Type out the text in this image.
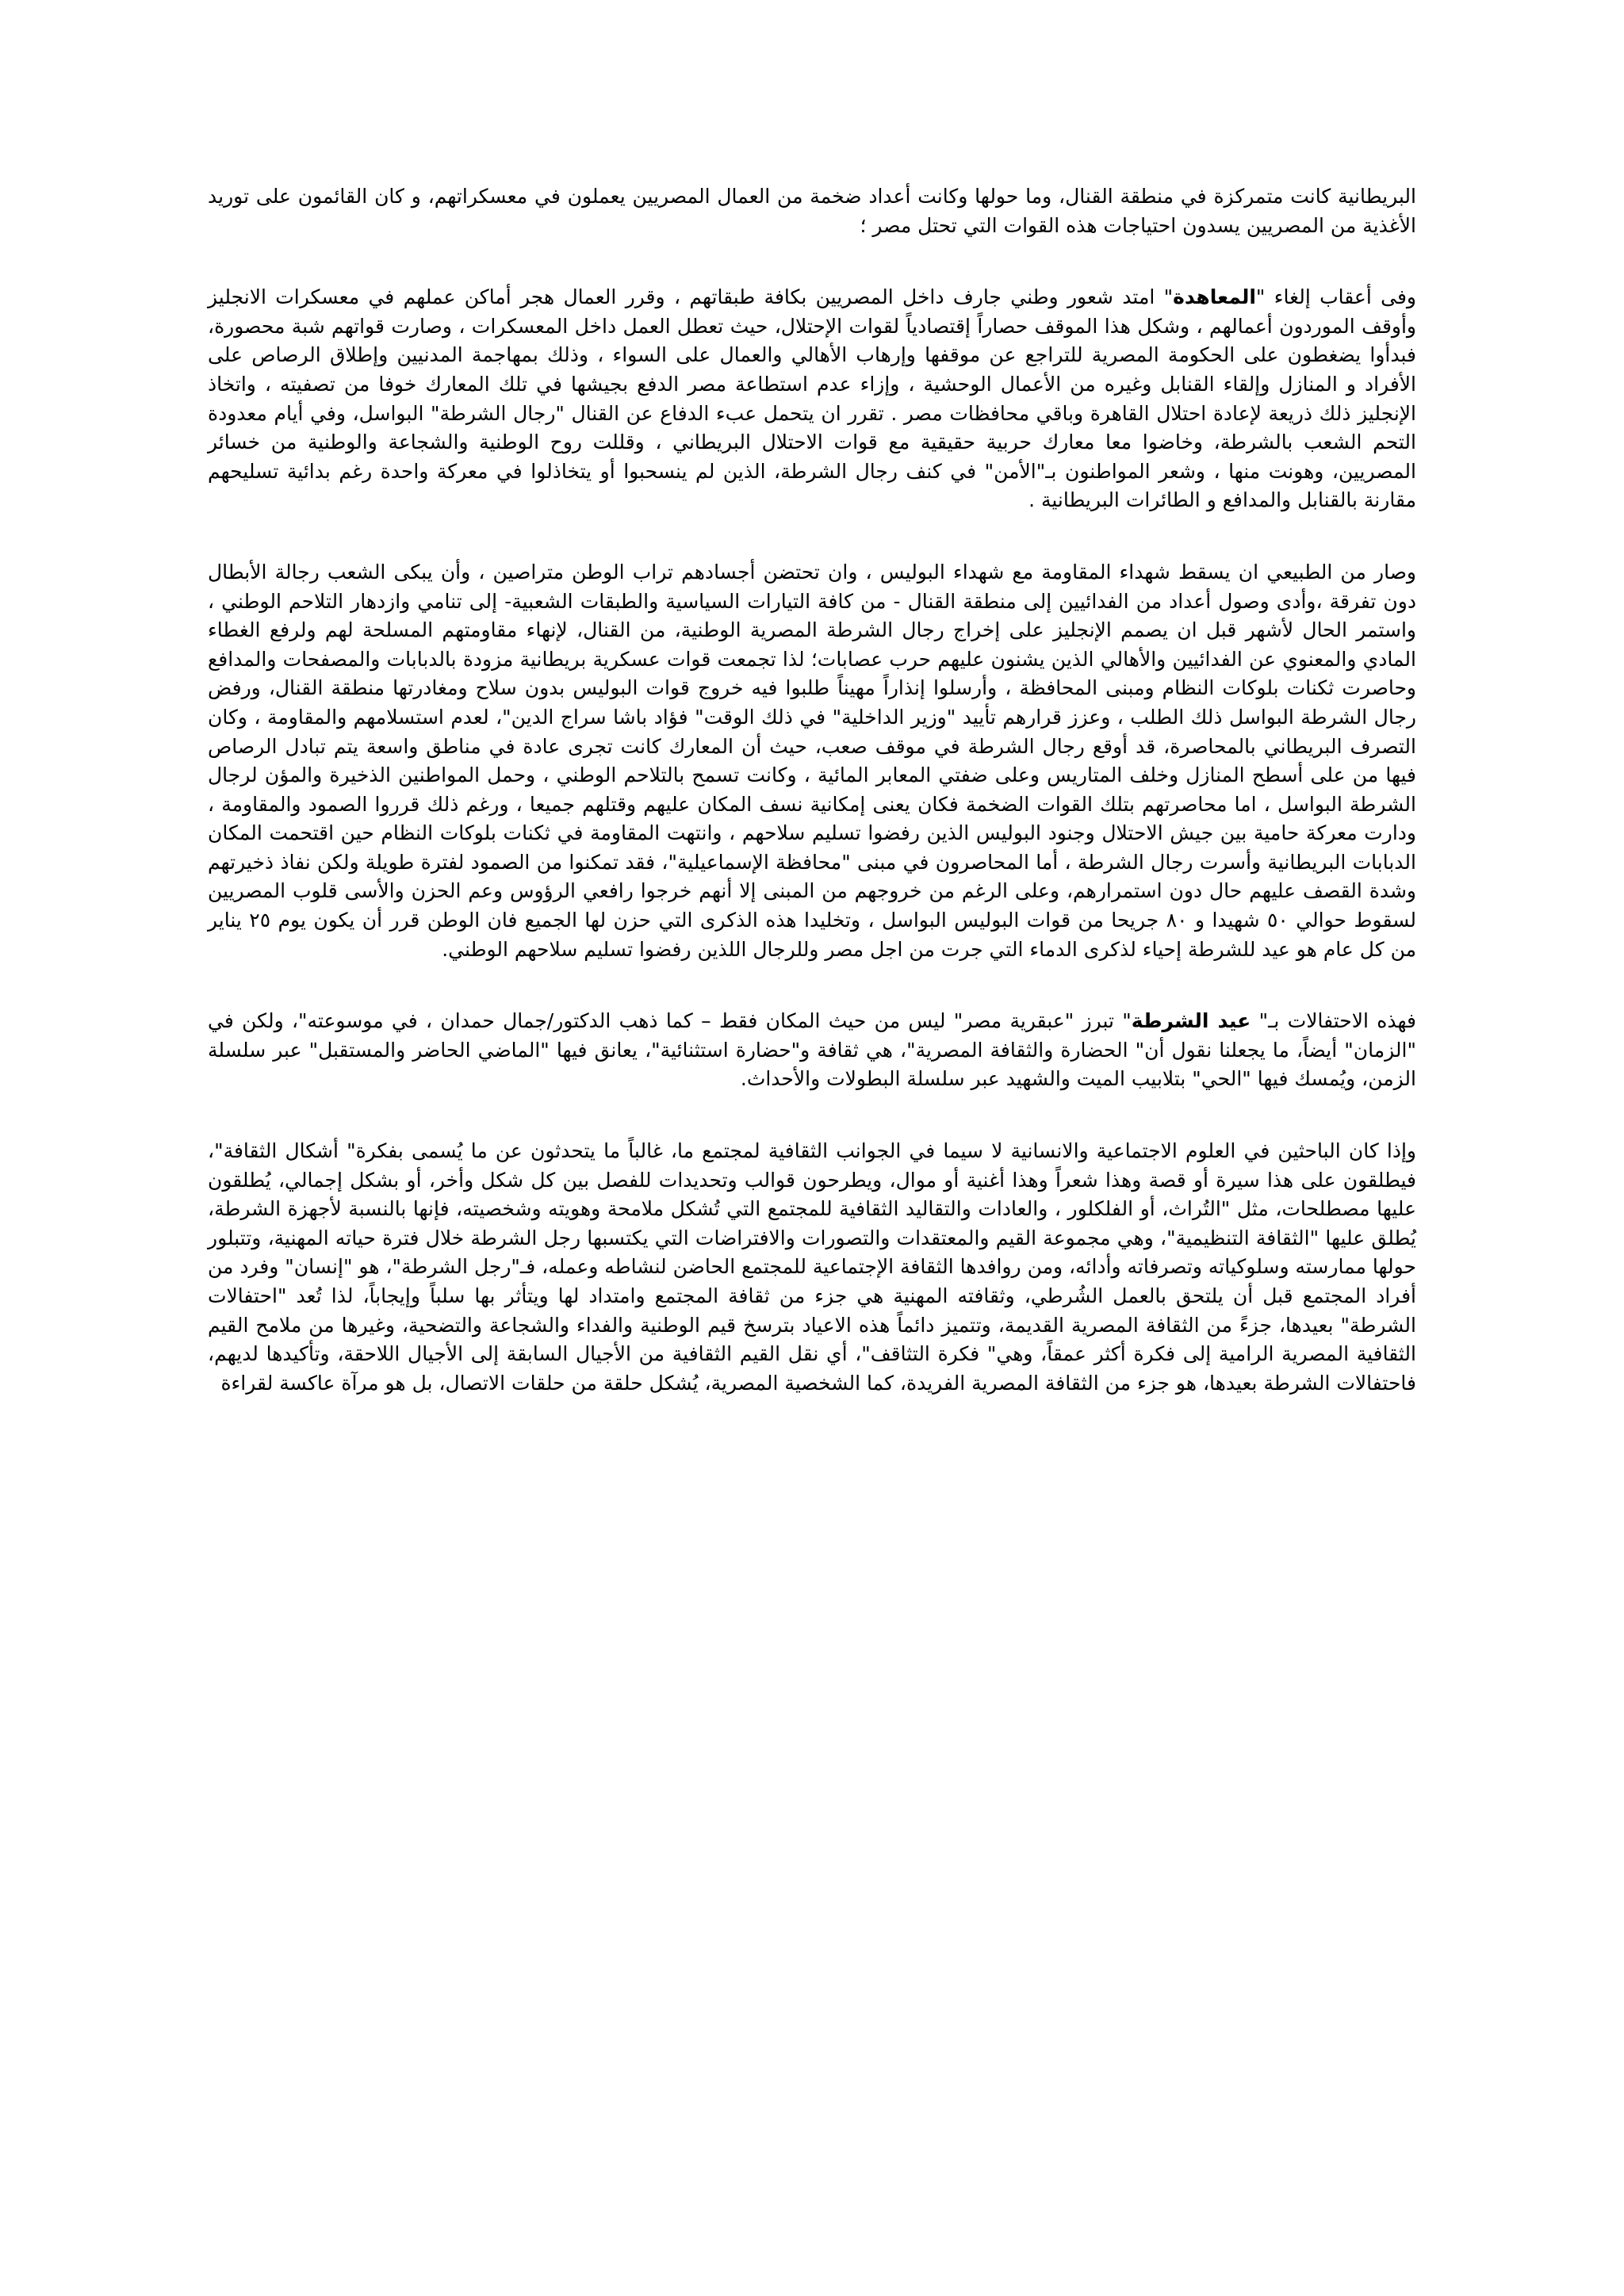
البريطانية كانت متمركزة في منطقة القنال، وما حولها وكانت أعداد ضخمة من العمال المصريين يعملون في معسكراتهم، و كان القائمون على توريد الأغذية من المصريين يسدون احتياجات هذه القوات التي تحتل مصر ؛

وفى أعقاب إلغاء "المعاهدة" امتد شعور وطني جارف داخل المصريين بكافة طبقاتهم ، وقرر العمال هجر أماكن عملهم في معسكرات الانجليز وأوقف الموردون أعمالهم ، وشكل هذا الموقف حصاراً إقتصادياً لقوات الإحتلال، حيث تعطل العمل داخل المعسكرات ، وصارت قواتهم شبة محصورة، فبدأوا يضغطون على الحكومة المصرية للتراجع عن موقفها وإرهاب الأهالي والعمال على السواء ، وذلك بمهاجمة المدنيين وإطلاق الرصاص على الأفراد و المنازل وإلقاء القنابل وغيره من الأعمال الوحشية ، وإزاء عدم استطاعة مصر الدفع بجيشها في تلك المعارك خوفا من تصفيته ، واتخاذ الإنجليز ذلك ذريعة لإعادة احتلال القاهرة وباقي محافظات مصر . تقرر ان يتحمل عبء الدفاع عن القنال "رجال الشرطة" البواسل، وفي أيام معدودة التحم الشعب بالشرطة، وخاضوا معا معارك حربية حقيقية مع قوات الاحتلال البريطاني ، وقللت روح الوطنية والشجاعة والوطنية من خسائر المصريين، وهونت منها ، وشعر المواطنون بـ"الأمن" في كنف رجال الشرطة، الذين لم ينسحبوا أو يتخاذلوا في معركة واحدة رغم بدائية تسليحهم مقارنة بالقنابل والمدافع و الطائرات البريطانية .

وصار من الطبيعي ان يسقط شهداء المقاومة مع شهداء البوليس ، وان تحتضن أجسادهم تراب الوطن متراصين ، وأن يبكى الشعب رجالة الأبطال دون تفرقة ،وأدى وصول أعداد من الفدائيين إلى منطقة القنال - من كافة التيارات السياسية والطبقات الشعبية- إلى تنامي وازدهار التلاحم الوطني ، واستمر الحال لأشهر قبل ان يصمم الإنجليز على إخراج رجال الشرطة المصرية الوطنية، من القنال، لإنهاء مقاومتهم المسلحة لهم ولرفع الغطاء المادي والمعنوي عن الفدائيين والأهالي الذين يشنون عليهم حرب عصابات؛ لذا تجمعت قوات عسكرية بريطانية مزودة بالدبابات والمصفحات والمدافع وحاصرت ثكنات بلوكات النظام ومبنى المحافظة ، وأرسلوا إنذاراً مهيناً طلبوا فيه خروج قوات البوليس بدون سلاح ومغادرتها منطقة القنال، ورفض رجال الشرطة البواسل ذلك الطلب ، وعزز قرارهم تأييد "وزير الداخلية" في ذلك الوقت" فؤاد باشا سراج الدين"، لعدم استسلامهم والمقاومة ، وكان التصرف البريطاني بالمحاصرة، قد أوقع رجال الشرطة في موقف صعب، حيث أن المعارك كانت تجرى عادة في مناطق واسعة يتم تبادل الرصاص فيها من على أسطح المنازل وخلف المتاريس وعلى ضفتي المعابر المائية ، وكانت تسمح بالتلاحم الوطني ، وحمل المواطنين الذخيرة والمؤن لرجال الشرطة البواسل ، اما محاصرتهم بتلك القوات الضخمة فكان يعنى إمكانية نسف المكان عليهم وقتلهم جميعا ، ورغم ذلك قرروا الصمود والمقاومة ، ودارت معركة حامية بين جيش الاحتلال وجنود البوليس الذين رفضوا تسليم سلاحهم ، وانتهت المقاومة في ثكنات بلوكات النظام حين اقتحمت المكان الدبابات البريطانية وأسرت رجال الشرطة ، أما المحاصرون في مبنى "محافظة الإسماعيلية"، فقد تمكنوا من الصمود لفترة طويلة ولكن نفاذ ذخيرتهم وشدة القصف عليهم حال دون استمرارهم، وعلى الرغم من خروجهم من المبنى إلا أنهم خرجوا رافعي الرؤوس وعم الحزن والأسى قلوب المصريين لسقوط حوالي ٥٠ شهيدا و ٨٠ جريحا من قوات البوليس البواسل ، وتخليدا هذه الذكرى التي حزن لها الجميع فان الوطن قرر أن يكون يوم ٢٥ يناير من كل عام هو عيد للشرطة إحياء لذكرى الدماء التي جرت من اجل مصر وللرجال اللذين رفضوا تسليم سلاحهم الوطني.

فهذه الاحتفالات بـ" عيد الشرطة" تبرز "عبقرية مصر" ليس من حيث المكان فقط – كما ذهب الدكتور/جمال حمدان ، في موسوعته"، ولكن في "الزمان" أيضاً، ما يجعلنا نقول أن" الحضارة والثقافة المصرية"، هي ثقافة و"حضارة استثنائية"، يعانق فيها "الماضي الحاضر والمستقبل" عبر سلسلة الزمن، ويُمسك فيها "الحي" بتلابيب الميت والشهيد عبر سلسلة البطولات والأحداث.

وإذا كان الباحثين في العلوم الاجتماعية والانسانية لا سيما في الجوانب الثقافية لمجتمع ما، غالباً ما يتحدثون عن ما يُسمى بفكرة" أشكال الثقافة"، فيطلقون على هذا سيرة أو قصة وهذا شعراً وهذا أغنية أو موال، ويطرحون قوالب وتحديدات للفصل بين كل شكل وأخر، أو بشكل إجمالي، يُطلقون عليها مصطلحات، مثل "التُراث، أو الفلكلور ، والعادات والتقاليد الثقافية للمجتمع التي تُشكل ملامحة وهويته وشخصيته، فإنها بالنسبة لأجهزة الشرطة، يُطلق عليها "الثقافة التنظيمية"، وهي مجموعة القيم والمعتقدات والتصورات والافتراضات التي يكتسبها رجل الشرطة خلال فترة حياته المهنية، وتتبلور حولها ممارسته وسلوكياته وتصرفاته وأدائه، ومن روافدها الثقافة الإجتماعية للمجتمع الحاضن لنشاطه وعمله، فـ"رجل الشرطة"، هو "إنسان" وفرد من أفراد المجتمع قبل أن يلتحق بالعمل الشُرطي، وثقافته المهنية هي جزء من ثقافة المجتمع وامتداد لها ويتأثر بها سلباً وإيجاباً، لذا تُعد "احتفالات الشرطة" بعيدها، جزءً من الثقافة المصرية القديمة، وتتميز دائماً هذه الاعياد بترسخ قيم الوطنية والفداء والشجاعة والتضحية، وغيرها من ملامح القيم الثقافية المصرية الرامية إلى فكرة أكثر عمقاً، وهي" فكرة التثاقف"، أي نقل القيم الثقافية من الأجيال السابقة إلى الأجيال اللاحقة، وتأكيدها لديهم، فاحتفالات الشرطة بعيدها، هو جزء من الثقافة المصرية الفريدة، كما الشخصية المصرية، يُشكل حلقة من حلقات الاتصال، بل هو مرآة عاكسة لقراءة
